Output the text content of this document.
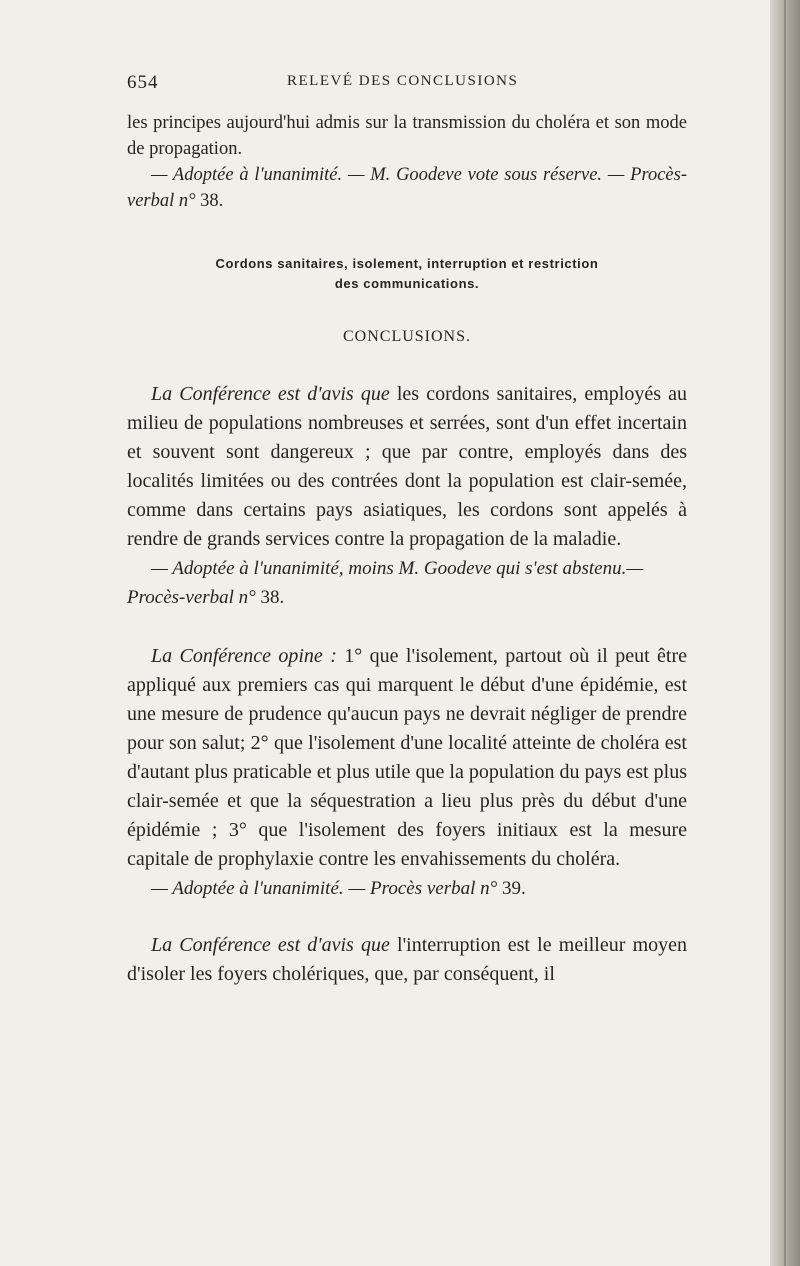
654	RELEVÉ DES CONCLUSIONS

les principes aujourd'hui admis sur la transmission du choléra et son mode de propagation.

— Adoptée à l'unanimité. — M. Goodeve vote sous réserve. — Procès-verbal n° 38.

Cordons sanitaires, isolement, interruption et restriction
des communications.
CONCLUSIONS.

La Conférence est d'avis que les cordons sanitaires, employés au milieu de populations nombreuses et serrées, sont d'un effet incertain et souvent sont dangereux ; que par contre, employés dans des localités limitées ou des contrées dont la population est clair-semée, comme dans certains pays asiatiques, les cordons sont appelés à rendre de grands services contre la propagation de la maladie.

— Adoptée à l'unanimité, moins M. Goodeve qui s'est abstenu.—

Procès-verbal n° 38.

La Conférence opine : 1° que l'isolement, partout où il peut être appliqué aux premiers cas qui marquent le début d'une épidémie, est une mesure de prudence qu'aucun pays ne devrait négliger de prendre pour son salut; 2° que l'isolement d'une localité atteinte de choléra est d'autant plus praticable et plus utile que la population du pays est plus clair-semée et que la séquestration a lieu plus près du début d'une épidémie ; 3° que l'isolement des foyers initiaux est la mesure capitale de prophylaxie contre les envahissements du choléra.

— Adoptée à l'unanimité. — Procès verbal n° 39.

La Conférence est d'avis que l'interruption est le meilleur moyen d'isoler les foyers cholériques, que, par conséquent, il
